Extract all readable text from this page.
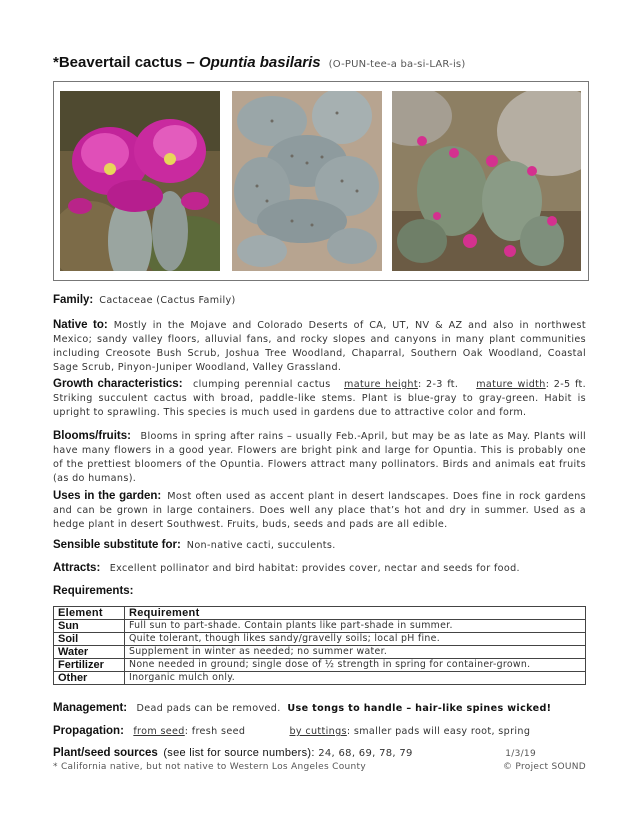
*Beavertail cactus – Opuntia basilaris (O-PUN-tee-a ba-si-LAR-is)
Family: Cactaceae (Cactus Family)
Native to: Mostly in the Mojave and Colorado Deserts of CA, UT, NV & AZ and also in northwest Mexico; sandy valley floors, alluvial fans, and rocky slopes and canyons in many plant communities including Creosote Bush Scrub, Joshua Tree Woodland, Chaparral, Southern Oak Woodland, Coastal Sage Scrub, Pinyon-Juniper Woodland, Valley Grassland.
Growth characteristics: clumping perennial cactus mature height: 2-3 ft. mature width: 2-5 ft. Striking succulent cactus with broad, paddle-like stems. Plant is blue-gray to gray-green. Habit is upright to sprawling. This species is much used in gardens due to attractive color and form.
Blooms/fruits: Blooms in spring after rains – usually Feb.-April, but may be as late as May. Plants will have many flowers in a good year. Flowers are bright pink and large for Opuntia. This is probably one of the prettiest bloomers of the Opuntia. Flowers attract many pollinators. Birds and animals eat fruits (as do humans).
Uses in the garden: Most often used as accent plant in desert landscapes. Does fine in rock gardens and can be grown in large containers. Does well any place that’s hot and dry in summer. Used as a hedge plant in desert Southwest. Fruits, buds, seeds and pads are all edible.
Sensible substitute for: Non-native cacti, succulents.
Attracts: Excellent pollinator and bird habitat: provides cover, nectar and seeds for food.
Requirements:
Element	Requirement
Sun	Full sun to part-shade. Contain plants like part-shade in summer.
Soil	Quite tolerant, though likes sandy/gravelly soils; local pH fine.
Water	Supplement in winter as needed; no summer water.
Fertilizer	None needed in ground; single dose of ½ strength in spring for container-grown.
Other	Inorganic mulch only.
Management: Dead pads can be removed. Use tongs to handle – hair-like spines wicked!
Propagation: from seed: fresh seed	by cuttings: smaller pads will easy root, spring
Plant/seed sources (see list for source numbers): 24, 68, 69, 78, 79	1/3/19
* California native, but not native to Western Los Angeles County	© Project SOUND
